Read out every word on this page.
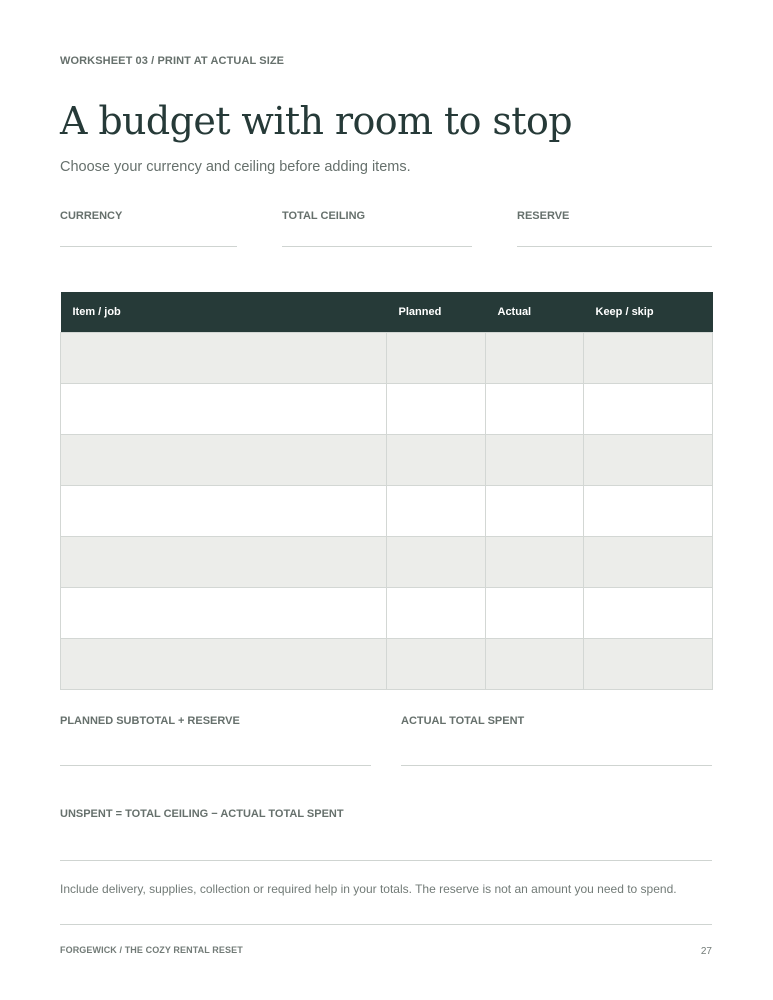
WORKSHEET 03 / PRINT AT ACTUAL SIZE
A budget with room to stop
Choose your currency and ceiling before adding items.
CURRENCY	TOTAL CEILING	RESERVE
Item / job	Planned	Actual	Keep / skip

PLANNED SUBTOTAL + RESERVE	ACTUAL TOTAL SPENT
UNSPENT = TOTAL CEILING − ACTUAL TOTAL SPENT
Include delivery, supplies, collection or required help in your totals. The reserve is not an amount you need to spend.
FORGEWICK / THE COZY RENTAL RESET	27
